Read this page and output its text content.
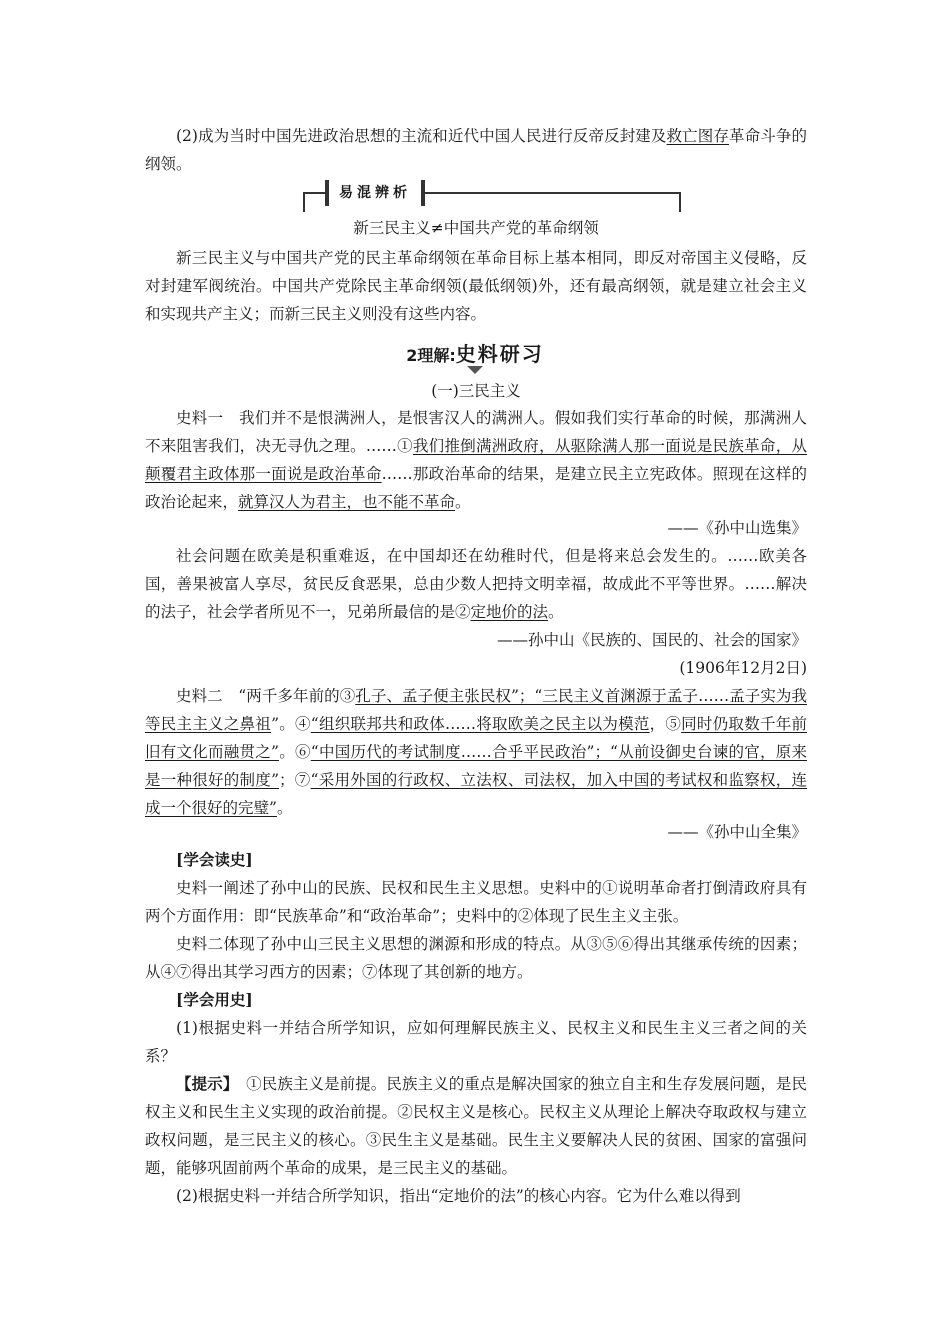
(2)成为当时中国先进政治思想的主流和近代中国人民进行反帝反封建及救亡图存革命斗争的纲领。

易混辨析
新三民主义≠中国共产党的革命纲领

新三民主义与中国共产党的民主革命纲领在革命目标上基本相同，即反对帝国主义侵略，反对封建军阀统治。中国共产党除民主革命纲领(最低纲领)外，还有最高纲领，就是建立社会主义和实现共产主义；而新三民主义则没有这些内容。

2理解:史料研习
(一)三民主义

史料一　我们并不是恨满洲人，是恨害汉人的满洲人。假如我们实行革命的时候，那满洲人不来阻害我们，决无寻仇之理。……①我们推倒满洲政府，从驱除满人那一面说是民族革命，从颠覆君主政体那一面说是政治革命……那政治革命的结果，是建立民主立宪政体。照现在这样的政治论起来，就算汉人为君主，也不能不革命。

——《孙中山选集》

社会问题在欧美是积重难返，在中国却还在幼稚时代，但是将来总会发生的。……欧美各国，善果被富人享尽，贫民反食恶果，总由少数人把持文明幸福，故成此不平等世界。……解决的法子，社会学者所见不一，兄弟所最信的是②定地价的法。

——孙中山《民族的、国民的、社会的国家》
(1906年12月2日)

史料二　“两千多年前的③孔子、孟子便主张民权”；“三民主义首渊源于孟子……孟子实为我等民主主义之鼻祖”。④“组织联邦共和政体……将取欧美之民主以为模范，⑤同时仍取数千年前旧有文化而融贯之”。⑥“中国历代的考试制度……合乎平民政治”；“从前设御史台谏的官，原来是一种很好的制度”；⑦“采用外国的行政权、立法权、司法权，加入中国的考试权和监察权，连成一个很好的完璧”。

——《孙中山全集》

[学会读史]

史料一阐述了孙中山的民族、民权和民生主义思想。史料中的①说明革命者打倒清政府具有两个方面作用：即“民族革命”和“政治革命”；史料中的②体现了民生主义主张。

史料二体现了孙中山三民主义思想的渊源和形成的特点。从③⑤⑥得出其继承传统的因素；从④⑦得出其学习西方的因素；⑦体现了其创新的地方。

[学会用史]

(1)根据史料一并结合所学知识，应如何理解民族主义、民权主义和民生主义三者之间的关系？

【提示】　①民族主义是前提。民族主义的重点是解决国家的独立自主和生存发展问题，是民权主义和民生主义实现的政治前提。②民权主义是核心。民权主义从理论上解决夺取政权与建立政权问题，是三民主义的核心。③民生主义是基础。民生主义要解决人民的贫困、国家的富强问题，能够巩固前两个革命的成果，是三民主义的基础。

(2)根据史料一并结合所学知识，指出“定地价的法”的核心内容。它为什么难以得到
